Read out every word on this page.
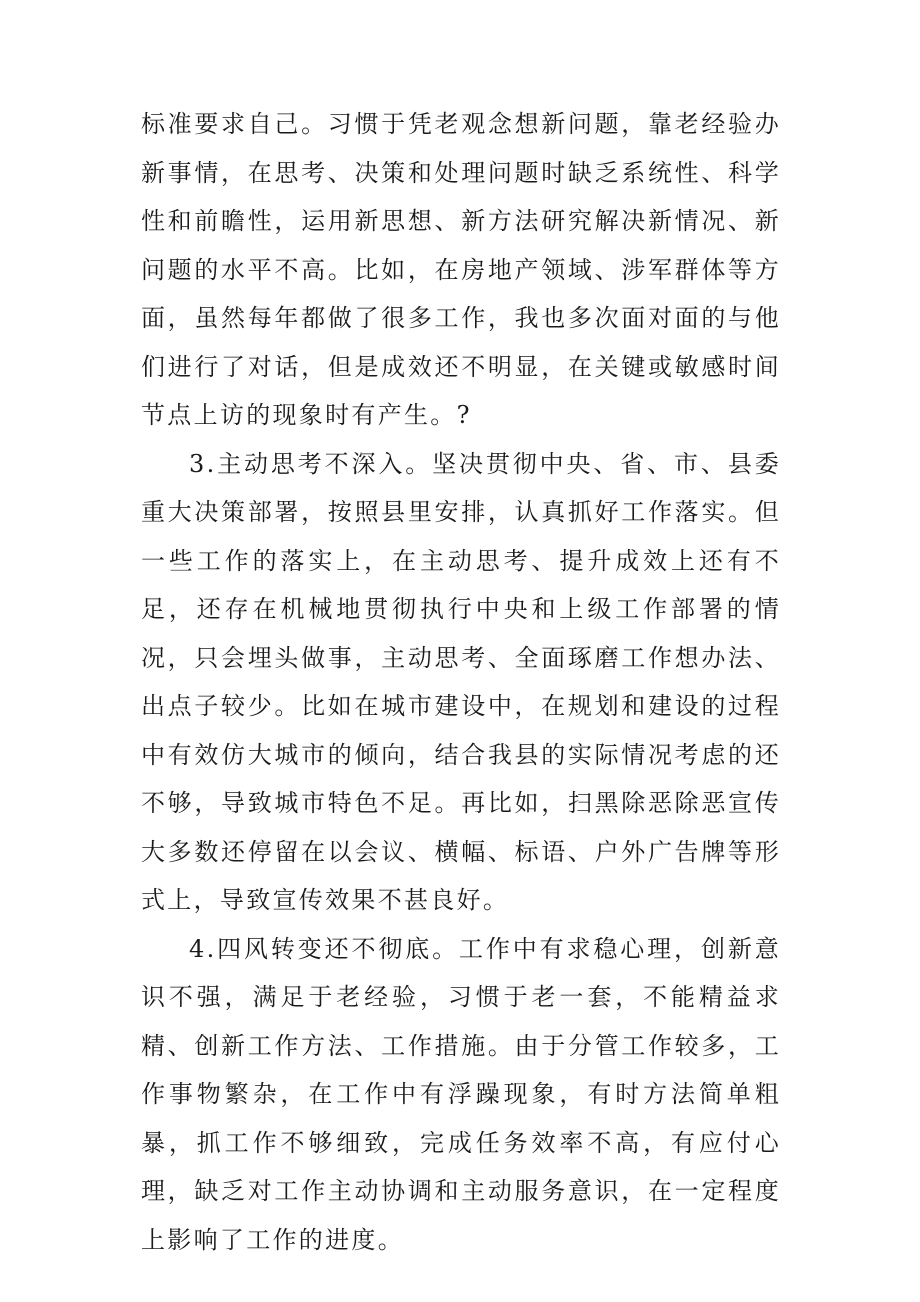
标准要求自己。习惯于凭老观念想新问题，靠老经验办新事情，在思考、决策和处理问题时缺乏系统性、科学性和前瞻性，运用新思想、新方法研究解决新情况、新问题的水平不高。比如，在房地产领域、涉军群体等方面，虽然每年都做了很多工作，我也多次面对面的与他们进行了对话，但是成效还不明显，在关键或敏感时间节点上访的现象时有产生。?

3.主动思考不深入。坚决贯彻中央、省、市、县委重大决策部署，按照县里安排，认真抓好工作落实。但一些工作的落实上，在主动思考、提升成效上还有不足，还存在机械地贯彻执行中央和上级工作部署的情况，只会埋头做事，主动思考、全面琢磨工作想办法、出点子较少。比如在城市建设中，在规划和建设的过程中有效仿大城市的倾向，结合我县的实际情况考虑的还不够，导致城市特色不足。再比如，扫黑除恶除恶宣传大多数还停留在以会议、横幅、标语、户外广告牌等形式上，导致宣传效果不甚良好。

4.四风转变还不彻底。工作中有求稳心理，创新意识不强，满足于老经验，习惯于老一套，不能精益求精、创新工作方法、工作措施。由于分管工作较多，工作事物繁杂，在工作中有浮躁现象，有时方法简单粗暴，抓工作不够细致，完成任务效率不高，有应付心理，缺乏对工作主动协调和主动服务意识，在一定程度上影响了工作的进度。
